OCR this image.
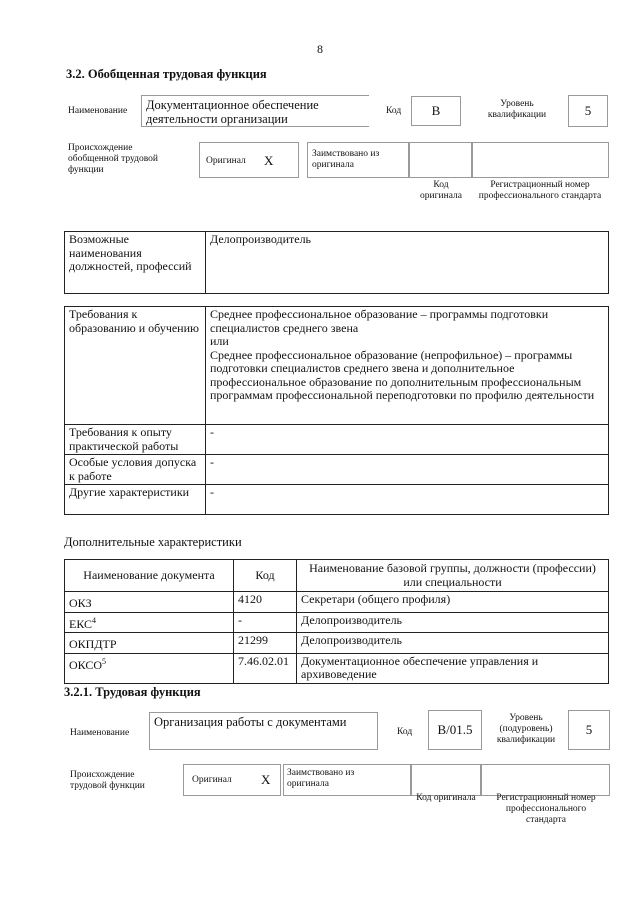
8
3.2. Обобщенная трудовая функция
Наименование	Документационное обеспечение деятельности организации
Код	B	Уровень квалификации	5
Происхождение обобщенной трудовой функции
Оригинал X	Заимствовано из оригинала
Код оригинала
Регистрационный номер профессионального стандарта
Возможные наименования должностей, профессий	Делопроизводитель
Требования к образованию и обучению	Среднее профессиональное образование – программы подготовки специалистов среднего звена
или
Среднее профессиональное образование (непрофильное) – программы подготовки специалистов среднего звена и дополнительное профессиональное образование по дополнительным профессиональным программам профессиональной переподготовки по профилю деятельности
Требования к опыту практической работы	-
Особые условия допуска к работе	-
Другие характеристики	-
Дополнительные характеристики
Наименование документа	Код	Наименование базовой группы, должности (профессии) или специальности
ОКЗ	4120	Секретари (общего профиля)
ЕКС$^4$	-	Делопроизводитель
ОКПДТР	21299	Делопроизводитель
ОКСО$^5$	7.46.02.01	Документационное обеспечение управления и архивоведение
3.2.1. Трудовая функция
Наименование
Организация работы с документами
Код	B/01.5
Уровень (подуровень) квалификации
5
Происхождение трудовой функции
Оригинал X Заимствовано из оригинала
Код оригинала	Регистрационный номер профессионального стандарта
